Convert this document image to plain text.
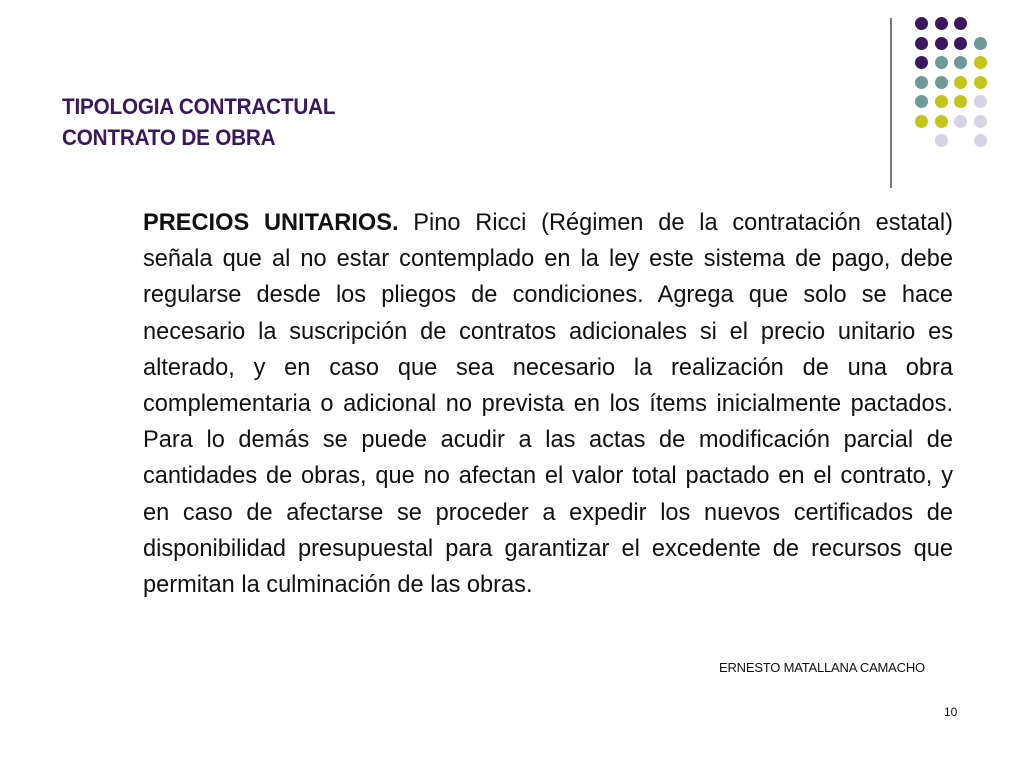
TIPOLOGIA CONTRACTUAL
CONTRATO DE OBRA
PRECIOS UNITARIOS. Pino Ricci (Régimen de la contratación estatal) señala que al no estar contemplado en la ley este sistema de pago, debe regularse desde los pliegos de condiciones. Agrega que solo se hace necesario la suscripción de contratos adicionales si el precio unitario es alterado, y en caso que sea necesario la realización de una obra complementaria o adicional no prevista en los ítems inicialmente pactados. Para lo demás se puede acudir a las actas de modificación parcial de cantidades de obras, que no afectan el valor total pactado en el contrato, y en caso de afectarse se proceder a expedir los nuevos certificados de disponibilidad presupuestal para garantizar el excedente de recursos que permitan la culminación de las obras.
ERNESTO MATALLANA CAMACHO
10
